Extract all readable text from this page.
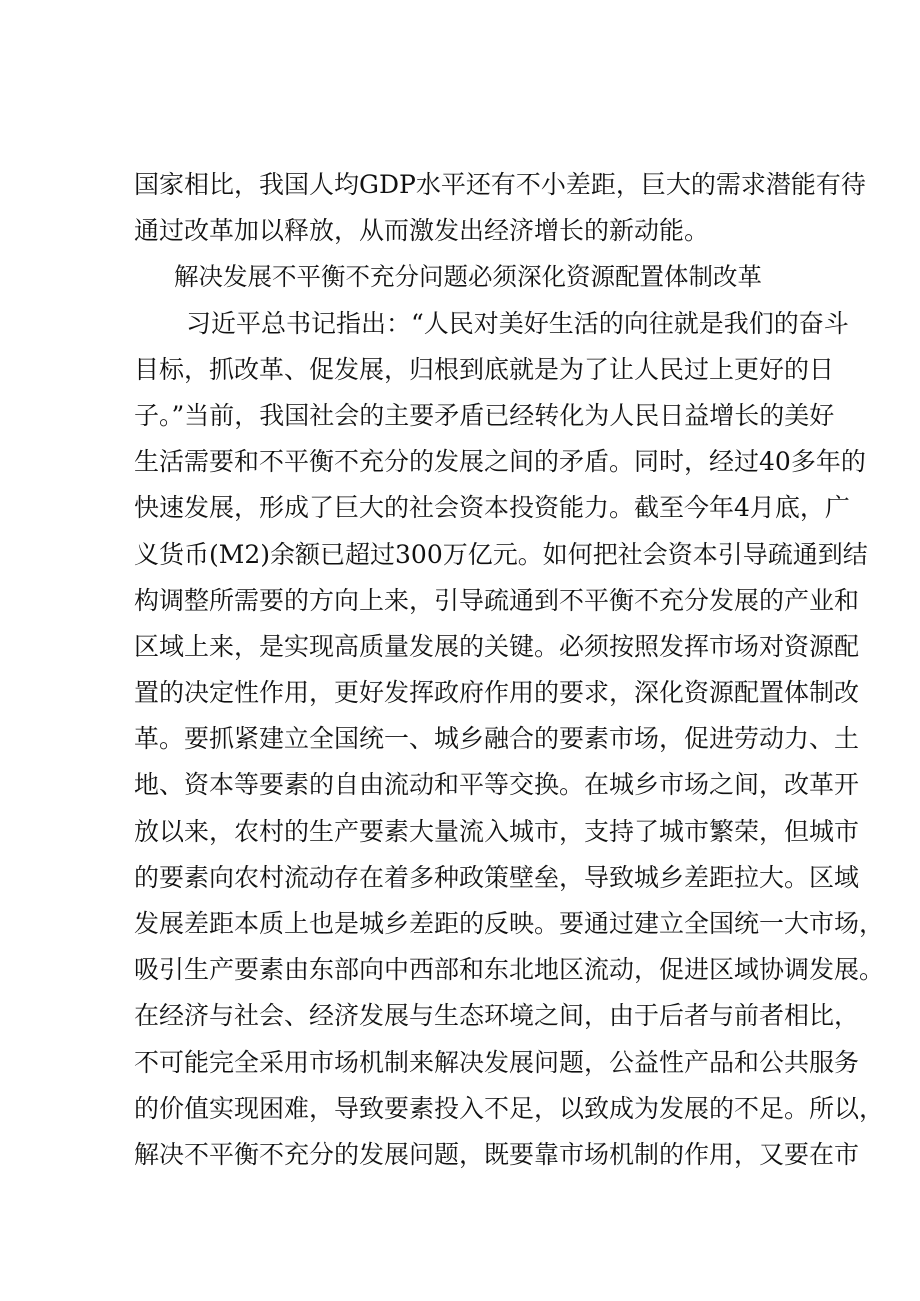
国家相比，我国人均GDP水平还有不小差距，巨大的需求潜能有待
通过改革加以释放，从而激发出经济增长的新动能。
解决发展不平衡不充分问题必须深化资源配置体制改革
习近平总书记指出：“人民对美好生活的向往就是我们的奋斗
目标，抓改革、促发展，归根到底就是为了让人民过上更好的日
子。”当前，我国社会的主要矛盾已经转化为人民日益增长的美好
生活需要和不平衡不充分的发展之间的矛盾。同时，经过40多年的
快速发展，形成了巨大的社会资本投资能力。截至今年4月底，广
义货币(M2)余额已超过300万亿元。如何把社会资本引导疏通到结
构调整所需要的方向上来，引导疏通到不平衡不充分发展的产业和
区域上来，是实现高质量发展的关键。必须按照发挥市场对资源配
置的决定性作用，更好发挥政府作用的要求，深化资源配置体制改
革。要抓紧建立全国统一、城乡融合的要素市场，促进劳动力、土
地、资本等要素的自由流动和平等交换。在城乡市场之间，改革开
放以来，农村的生产要素大量流入城市，支持了城市繁荣，但城市
的要素向农村流动存在着多种政策壁垒，导致城乡差距拉大。区域
发展差距本质上也是城乡差距的反映。要通过建立全国统一大市场，
吸引生产要素由东部向中西部和东北地区流动，促进区域协调发展。
在经济与社会、经济发展与生态环境之间，由于后者与前者相比，
不可能完全采用市场机制来解决发展问题，公益性产品和公共服务
的价值实现困难，导致要素投入不足，以致成为发展的不足。所以，
解决不平衡不充分的发展问题，既要靠市场机制的作用，又要在市
